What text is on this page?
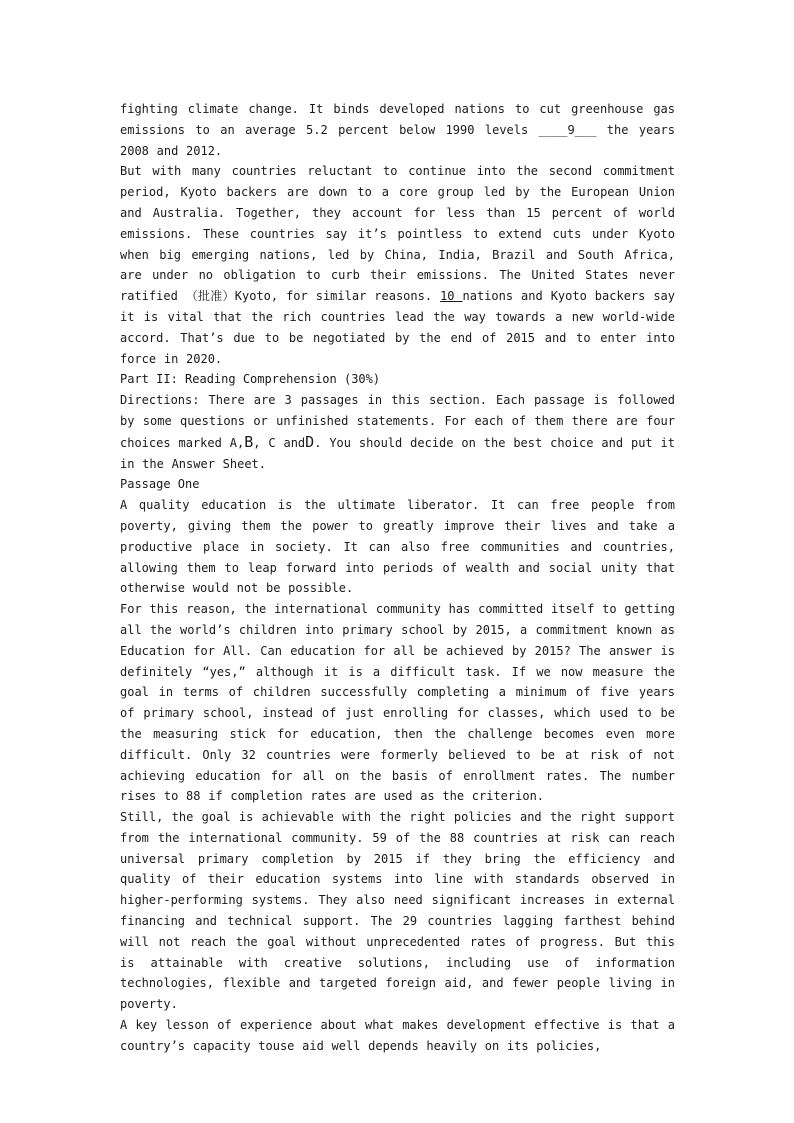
fighting climate change. It binds developed nations to cut greenhouse gas emissions to an average 5.2 percent below 1990 levels ____9___ the years 2008 and 2012.

But with many countries reluctant to continue into the second commitment period, Kyoto backers are down to a core group led by the European Union and Australia. Together, they account for less than 15 percent of world emissions. These countries say it’s pointless to extend cuts under Kyoto when big emerging nations, led by China, India, Brazil and South Africa, are under no obligation to curb their emissions. The United States never ratified （批准）Kyoto, for similar reasons. 10 nations and Kyoto backers say it is vital that the rich countries lead the way towards a new world-wide accord. That’s due to be negotiated by the end of 2015 and to enter into force in 2020.

Part II: Reading Comprehension (30%)

Directions: There are 3 passages in this section. Each passage is followed by some questions or unfinished statements. For each of them there are four choices marked A,B, C andD. You should decide on the best choice and put it in the Answer Sheet.

Passage One

A quality education is the ultimate liberator. It can free people from poverty, giving them the power to greatly improve their lives and take a productive place in society. It can also free communities and countries, allowing them to leap forward into periods of wealth and social unity that otherwise would not be possible.

For this reason, the international community has committed itself to getting all the world’s children into primary school by 2015, a commitment known as Education for All. Can education for all be achieved by 2015? The answer is definitely “yes,” although it is a difficult task. If we now measure the goal in terms of children successfully completing a minimum of five years of primary school, instead of just enrolling for classes, which used to be the measuring stick for education, then the challenge becomes even more difficult. Only 32 countries were formerly believed to be at risk of not achieving education for all on the basis of enrollment rates. The number rises to 88 if completion rates are used as the criterion.

Still, the goal is achievable with the right policies and the right support from the international community. 59 of the 88 countries at risk can reach universal primary completion by 2015 if they bring the efficiency and quality of their education systems into line with standards observed in higher-performing systems. They also need significant increases in external financing and technical support. The 29 countries lagging farthest behind will not reach the goal without unprecedented rates of progress. But this is attainable with creative solutions, including use of information technologies, flexible and targeted foreign aid, and fewer people living in poverty.

A key lesson of experience about what makes development effective is that a country’s capacity touse aid well depends heavily on its policies,
